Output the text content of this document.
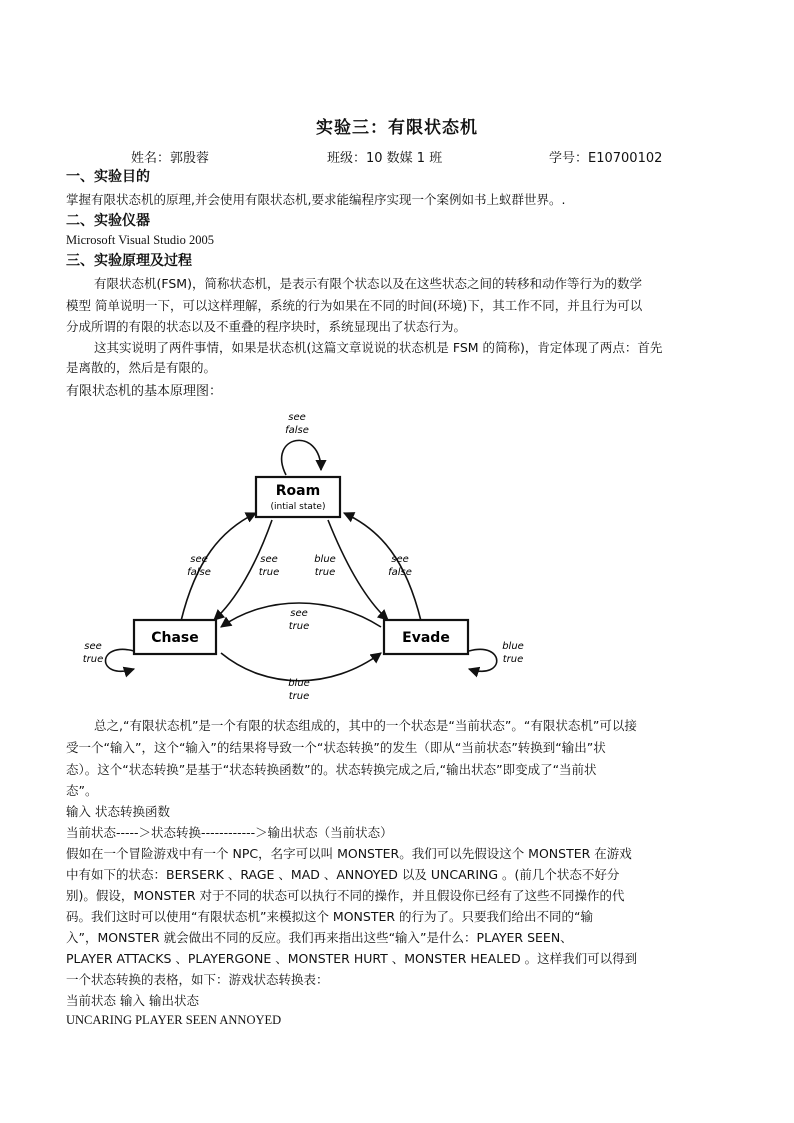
实验三：有限状态机
姓名：郭殷蓉	班级：10 数媒 1 班	学号：E10700102
一、实验目的
掌握有限状态机的原理,并会使用有限状态机,要求能编程序实现一个案例如书上蚁群世界。.
二、实验仪器
Microsoft Visual Studio 2005
三、实验原理及过程
有限状态机(FSM)，简称状态机，是表示有限个状态以及在这些状态之间的转移和动作等行为的数学
模型 简单说明一下，可以这样理解，系统的行为如果在不同的时间(环境)下，其工作不同，并且行为可以
分成所谓的有限的状态以及不重叠的程序块时，系统显现出了状态行为。
这其实说明了两件事情，如果是状态机(这篇文章说说的状态机是 FSM 的简称)，肯定体现了两点：首先
是离散的，然后是有限的。
有限状态机的基本原理图：
Roam
(intial state)
Chase	Evade
see
false
see
false
see
true
blue
true
see
false
see
true
blue
true
see
true
blue
true
总之,“有限状态机”是一个有限的状态组成的，其中的一个状态是“当前状态”。“有限状态机”可以接
受一个“输入”，这个“输入”的结果将导致一个“状态转换”的发生（即从“当前状态”转换到“输出”状
态）。这个“状态转换”是基于“状态转换函数”的。状态转换完成之后,“输出状态”即变成了“当前状
态”。
输入 状态转换函数
当前状态-----＞状态转换------------＞输出状态（当前状态）
假如在一个冒险游戏中有一个 NPC，名字可以叫 MONSTER。我们可以先假设这个 MONSTER 在游戏
中有如下的状态：BERSERK 、RAGE 、MAD 、ANNOYED 以及 UNCARING 。(前几个状态不好分
别)。假设，MONSTER 对于不同的状态可以执行不同的操作，并且假设你已经有了这些不同操作的代
码。我们这时可以使用“有限状态机”来模拟这个 MONSTER 的行为了。只要我们给出不同的“输
入”，MONSTER 就会做出不同的反应。我们再来指出这些“输入”是什么：PLAYER SEEN、
PLAYER ATTACKS 、PLAYERGONE 、MONSTER HURT 、MONSTER HEALED 。这样我们可以得到
一个状态转换的表格，如下：游戏状态转换表：
当前状态 输入 输出状态
UNCARING PLAYER SEEN ANNOYED
